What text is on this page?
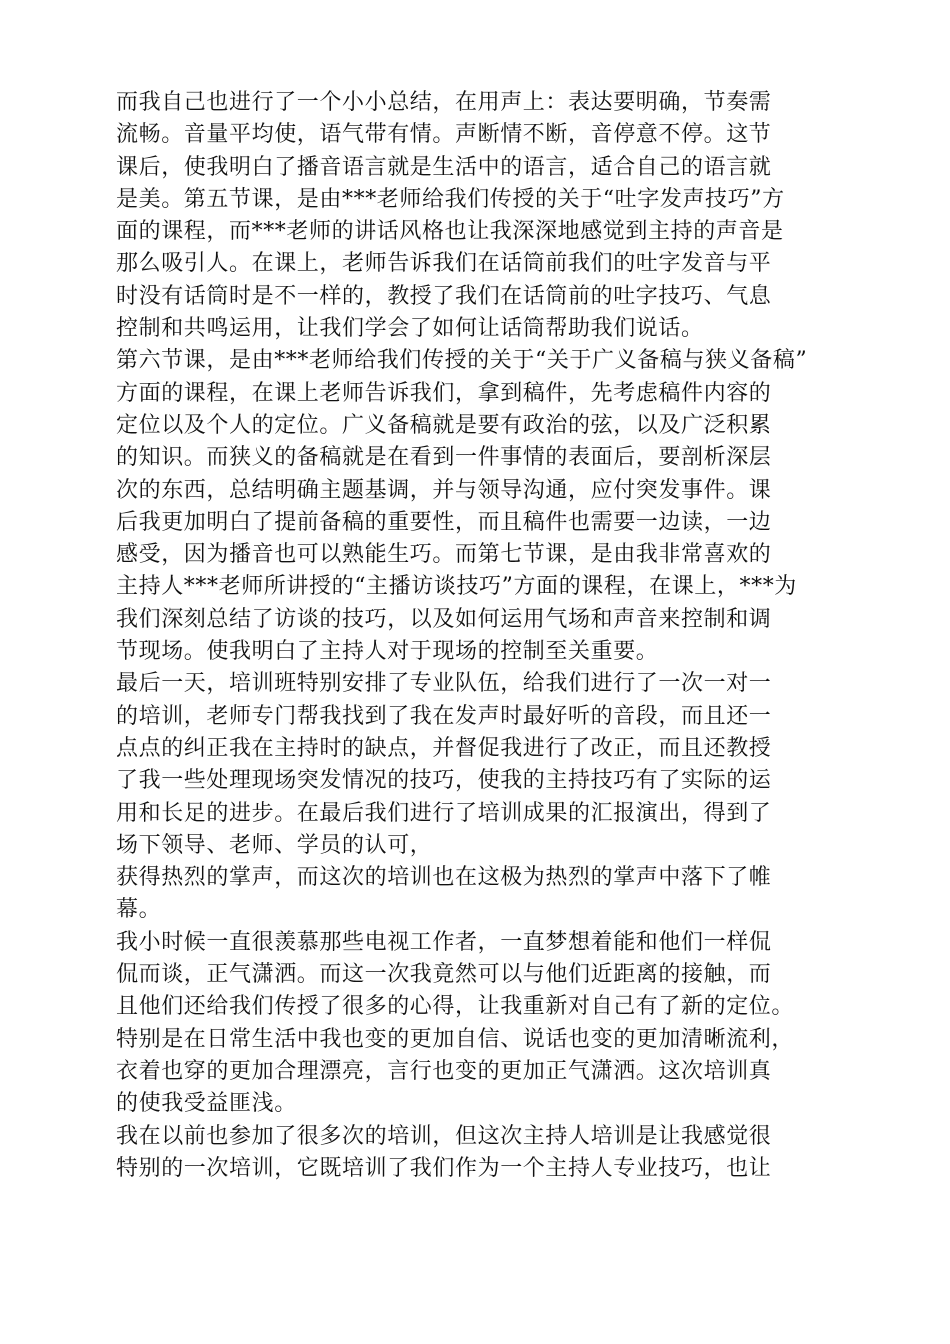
而我自己也进行了一个小小总结，在用声上：表达要明确，节奏需
流畅。音量平均使，语气带有情。声断情不断，音停意不停。这节
课后，使我明白了播音语言就是生活中的语言，适合自己的语言就
是美。第五节课，是由***老师给我们传授的关于“吐字发声技巧”方
面的课程，而***老师的讲话风格也让我深深地感觉到主持的声音是
那么吸引人。在课上，老师告诉我们在话筒前我们的吐字发音与平
时没有话筒时是不一样的，教授了我们在话筒前的吐字技巧、气息
控制和共鸣运用，让我们学会了如何让话筒帮助我们说话。
第六节课，是由***老师给我们传授的关于“关于广义备稿与狭义备稿”
方面的课程，在课上老师告诉我们，拿到稿件，先考虑稿件内容的
定位以及个人的定位。广义备稿就是要有政治的弦，以及广泛积累
的知识。而狭义的备稿就是在看到一件事情的表面后，要剖析深层
次的东西，总结明确主题基调，并与领导沟通，应付突发事件。课
后我更加明白了提前备稿的重要性，而且稿件也需要一边读，一边
感受，因为播音也可以熟能生巧。而第七节课，是由我非常喜欢的
主持人***老师所讲授的“主播访谈技巧”方面的课程，在课上，***为
我们深刻总结了访谈的技巧，以及如何运用气场和声音来控制和调
节现场。使我明白了主持人对于现场的控制至关重要。
最后一天，培训班特别安排了专业队伍，给我们进行了一次一对一
的培训，老师专门帮我找到了我在发声时最好听的音段，而且还一
点点的纠正我在主持时的缺点，并督促我进行了改正，而且还教授
了我一些处理现场突发情况的技巧，使我的主持技巧有了实际的运
用和长足的进步。在最后我们进行了培训成果的汇报演出，得到了
场下领导、老师、学员的认可，
获得热烈的掌声，而这次的培训也在这极为热烈的掌声中落下了帷
幕。
我小时候一直很羡慕那些电视工作者，一直梦想着能和他们一样侃
侃而谈，正气潇洒。而这一次我竟然可以与他们近距离的接触，而
且他们还给我们传授了很多的心得，让我重新对自己有了新的定位。
特别是在日常生活中我也变的更加自信、说话也变的更加清晰流利，
衣着也穿的更加合理漂亮，言行也变的更加正气潇洒。这次培训真
的使我受益匪浅。
我在以前也参加了很多次的培训，但这次主持人培训是让我感觉很
特别的一次培训，它既培训了我们作为一个主持人专业技巧，也让
